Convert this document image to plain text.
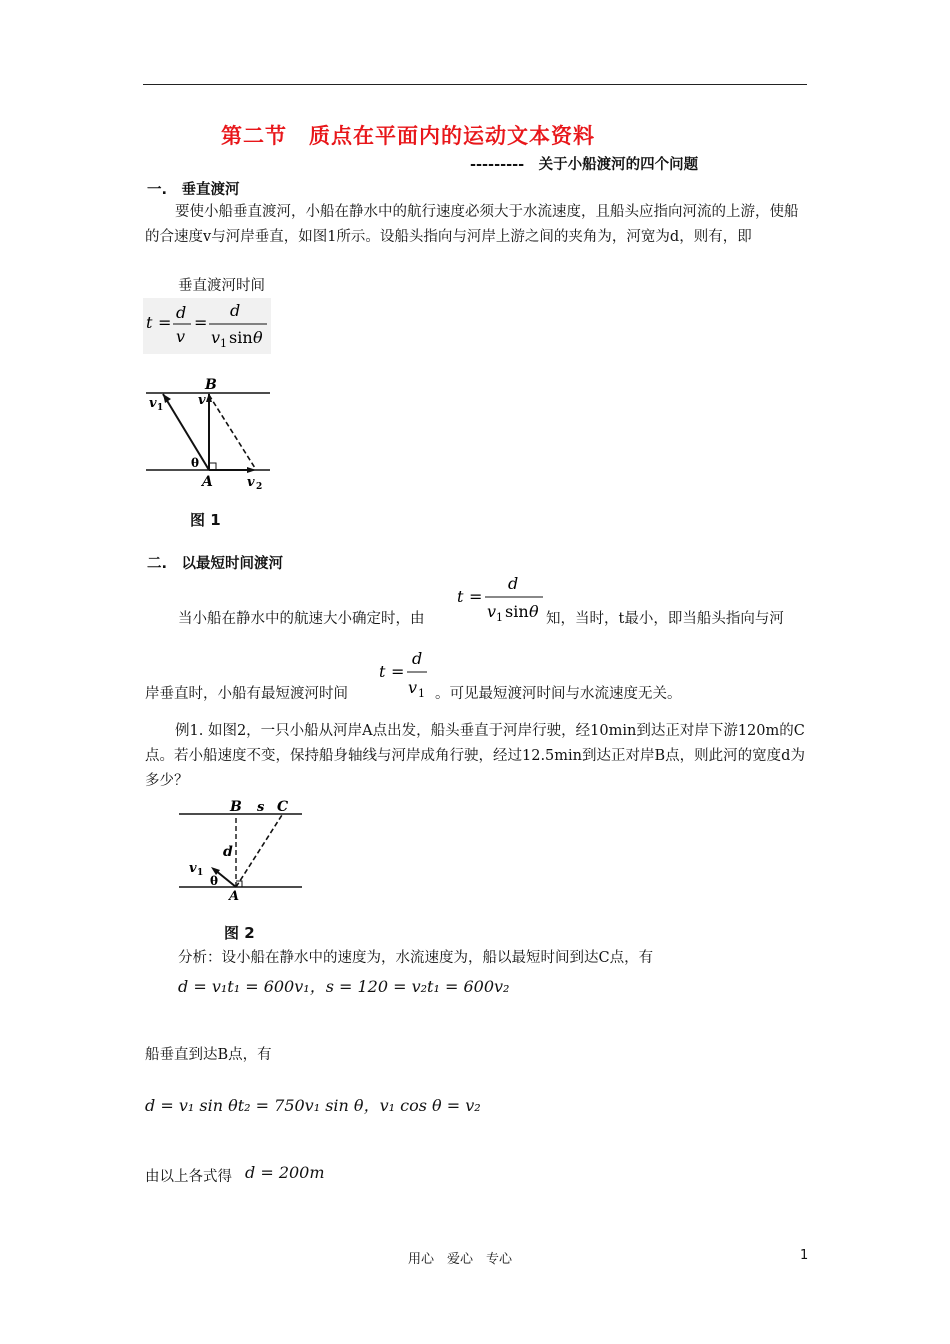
第二节　质点在平面内的运动文本资料
---------　关于小船渡河的四个问题
一.　垂直渡河
要使小船垂直渡河，小船在静水中的航行速度必须大于水流速度，且船头应指向河流的上游，使船的合速度v与河岸垂直，如图1所示。设船头指向与河岸上游之间的夹角为，河宽为d，则有，即
垂直渡河时间
t =
d
v
=
d
v 1 sin θ
B
A
v 1	v
θ
v 2
图 1
二.　以最短时间渡河
t =
d
v 1 sin θ
当小船在静水中的航速大小确定时，由	知，当时，t最小，即当船头指向与河
t =
d
v 1
岸垂直时，小船有最短渡河时间	。可见最短渡河时间与水流速度无关。
例1. 如图2，一只小船从河岸A点出发，船头垂直于河岸行驶，经10min到达正对岸下游120m的C点。若小船速度不变，保持船身轴线与河岸成角行驶，经过12.5min到达正对岸B点，则此河的宽度d为多少？
B s C
d
v 1
θ
A
图 2
分析：设小船在静水中的速度为，水流速度为，船以最短时间到达C点，有
d = v₁t₁ = 600v₁，s = 120 = v₂t₁ = 600v₂
船垂直到达B点，有
d = v₁ sin θt₂ = 750v₁ sin θ，v₁ cos θ = v₂
由以上各式得 d = 200m
用心　爱心　专心	1
